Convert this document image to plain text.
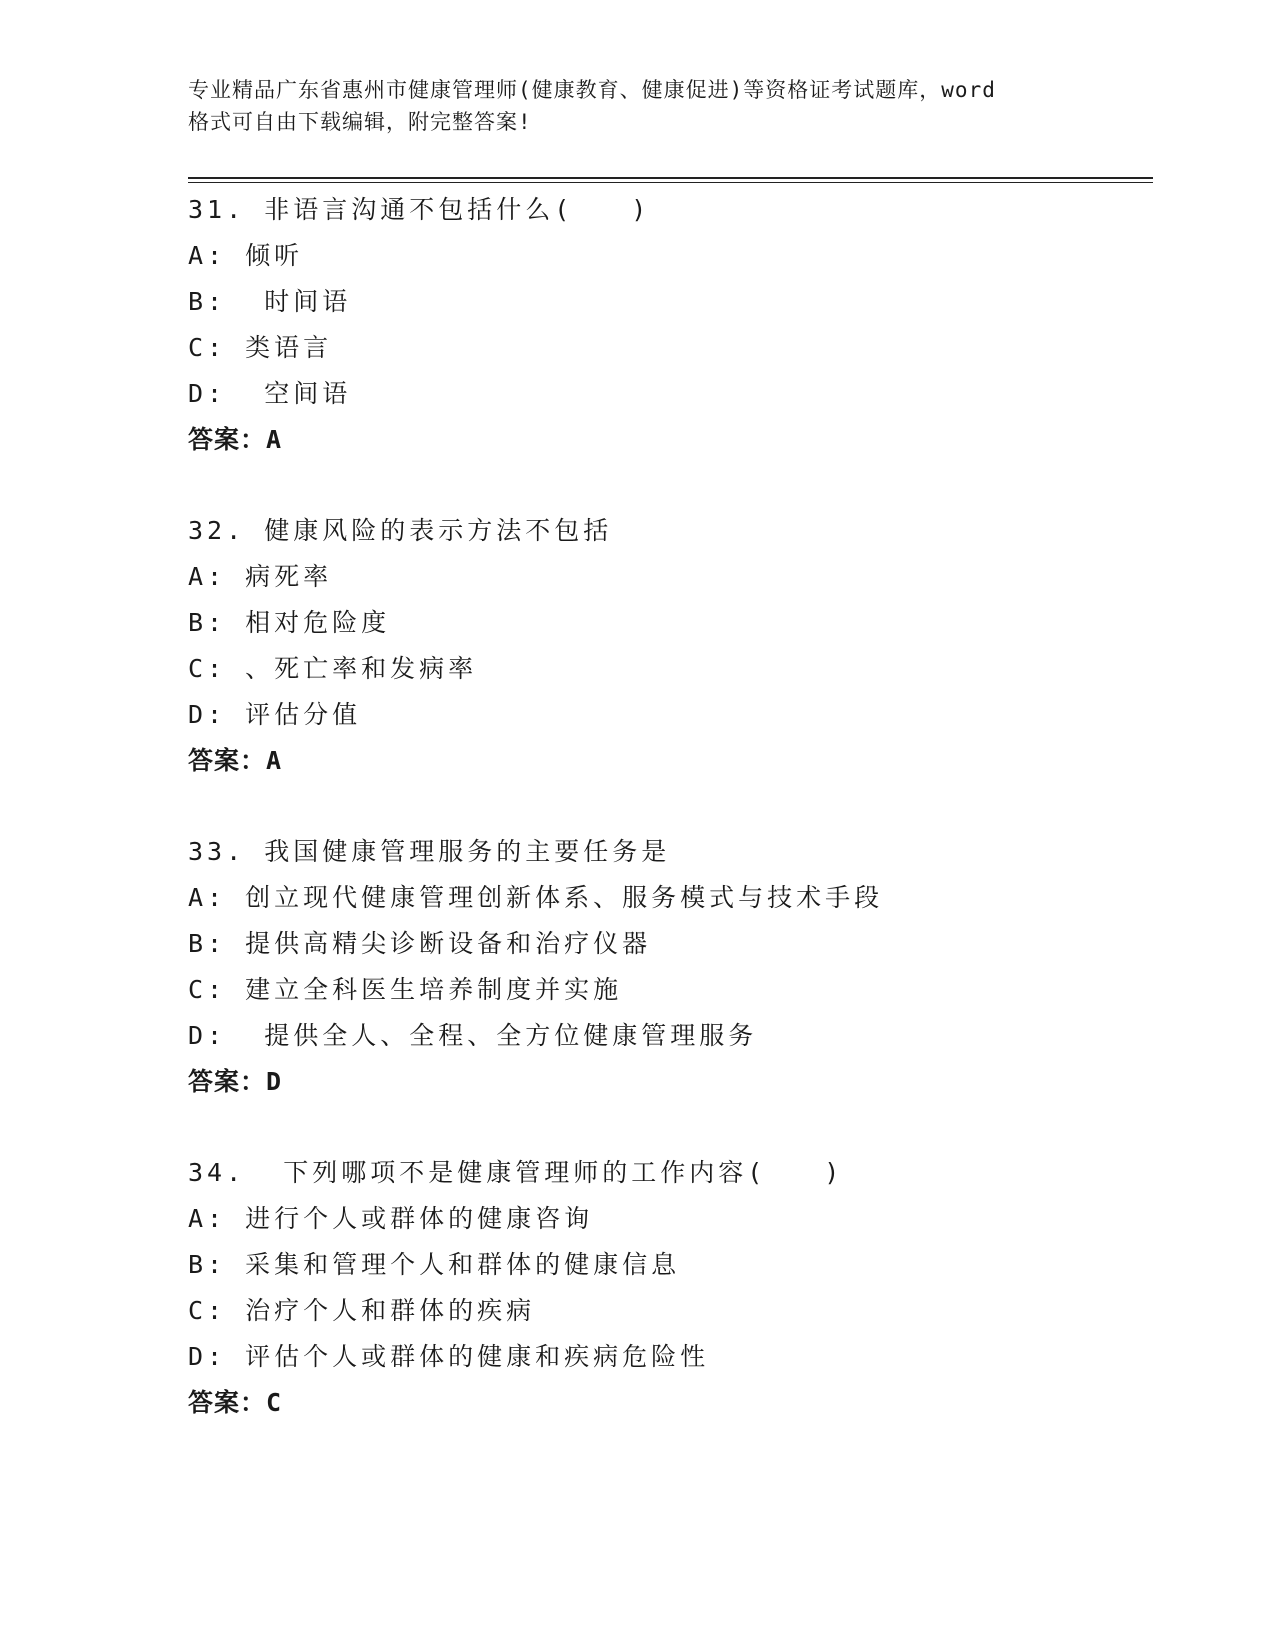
专业精品广东省惠州市健康管理师(健康教育、健康促进)等资格证考试题库，word
格式可自由下载编辑，附完整答案!
31. 非语言沟通不包括什么(　　)
A: 倾听
B:  时间语
C: 类语言
D:  空间语
答案：A
32. 健康风险的表示方法不包括
A: 病死率
B: 相对危险度
C: 、死亡率和发病率
D: 评估分值
答案：A
33. 我国健康管理服务的主要任务是
A: 创立现代健康管理创新体系、服务模式与技术手段
B: 提供高精尖诊断设备和治疗仪器
C: 建立全科医生培养制度并实施
D:  提供全人、全程、全方位健康管理服务
答案：D
34.  下列哪项不是健康管理师的工作内容(　　)
A: 进行个人或群体的健康咨询
B: 采集和管理个人和群体的健康信息
C: 治疗个人和群体的疾病
D: 评估个人或群体的健康和疾病危险性
答案：C
